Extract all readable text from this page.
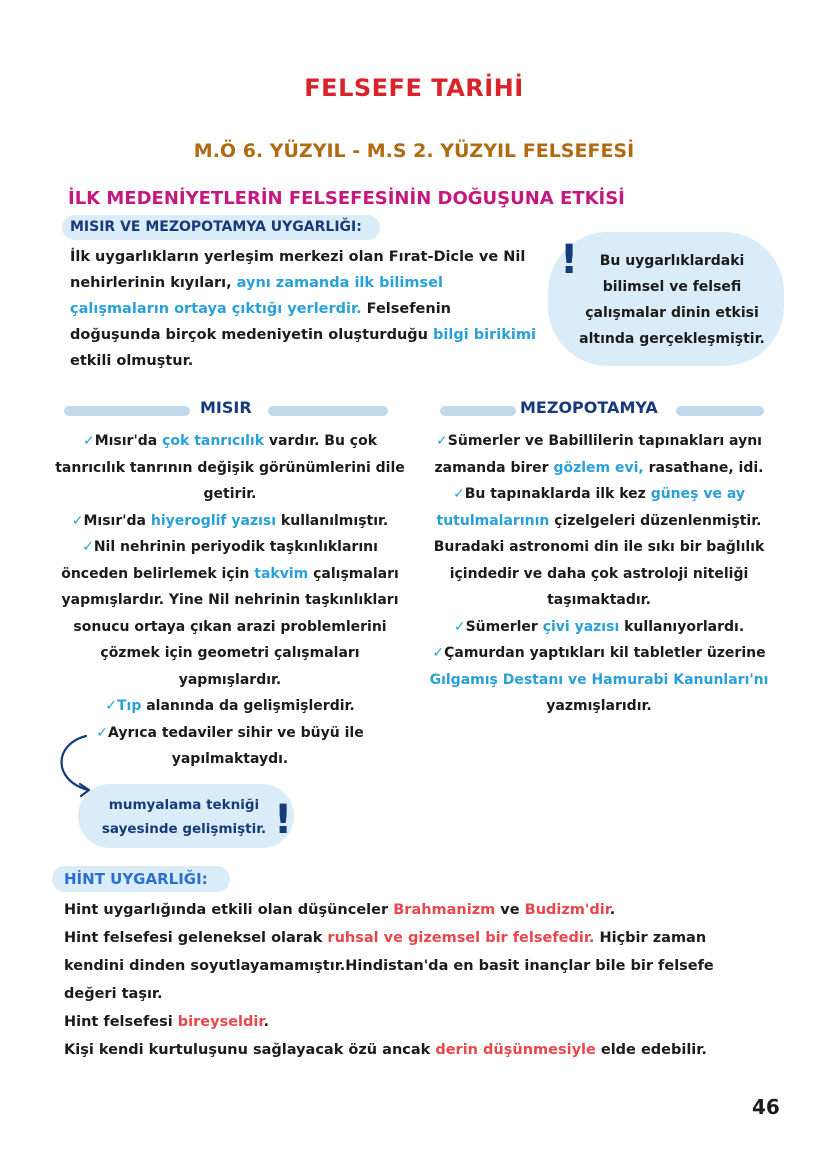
FELSEFE TARİHİ
M.Ö 6. YÜZYIL - M.S 2. YÜZYIL FELSEFESİ
İLK MEDENİYETLERİN FELSEFESİNİN DOĞUŞUNA ETKİSİ
MISIR VE MEZOPOTAMYA UYGARLIĞI:
İlk uygarlıkların yerleşim merkezi olan Fırat-Dicle ve Nil nehirlerinin kıyıları, aynı zamanda ilk bilimsel çalışmaların ortaya çıktığı yerlerdir. Felsefenin doğuşunda birçok medeniyetin oluşturduğu bilgi birikimi etkili olmuştur.
!	Bu uygarlıklardaki bilimsel ve felsefi çalışmalar dinin etkisi altında gerçekleşmiştir.
MISIR	MEZOPOTAMYA

✓Mısır'da çok tanrıcılık vardır. Bu çok tanrıcılık tanrının değişik görünümlerini dile getirir.

✓Mısır'da hiyeroglif yazısı kullanılmıştır.

✓Nil nehrinin periyodik taşkınlıklarını önceden belirlemek için takvim çalışmaları yapmışlardır. Yine Nil nehrinin taşkınlıkları sonucu ortaya çıkan arazi problemlerini çözmek için geometri çalışmaları yapmışlardır.

✓Tıp alanında da gelişmişlerdir.

✓Ayrıca tedaviler sihir ve büyü ile yapılmaktaydı.

mumyalama tekniği sayesinde gelişmiştir. !

✓Sümerler ve Babillilerin tapınakları aynı zamanda birer gözlem evi, rasathane, idi.

✓Bu tapınaklarda ilk kez güneş ve ay tutulmalarının çizelgeleri düzenlenmiştir. Buradaki astronomi din ile sıkı bir bağlılık içindedir ve daha çok astroloji niteliği taşımaktadır.

✓Sümerler çivi yazısı kullanıyorlardı.

✓Çamurdan yaptıkları kil tabletler üzerine Gılgamış Destanı ve Hamurabi Kanunları'nı yazmışlarıdır.

HİNT UYGARLIĞI:

Hint uygarlığında etkili olan düşünceler Brahmanizm ve Budizm'dir.

Hint felsefesi geleneksel olarak ruhsal ve gizemsel bir felsefedir. Hiçbir zaman kendini dinden soyutlayamamıştır.Hindistan'da en basit inançlar bile bir felsefe değeri taşır.

Hint felsefesi bireyseldir.

Kişi kendi kurtuluşunu sağlayacak özü ancak derin düşünmesiyle elde edebilir.

46
